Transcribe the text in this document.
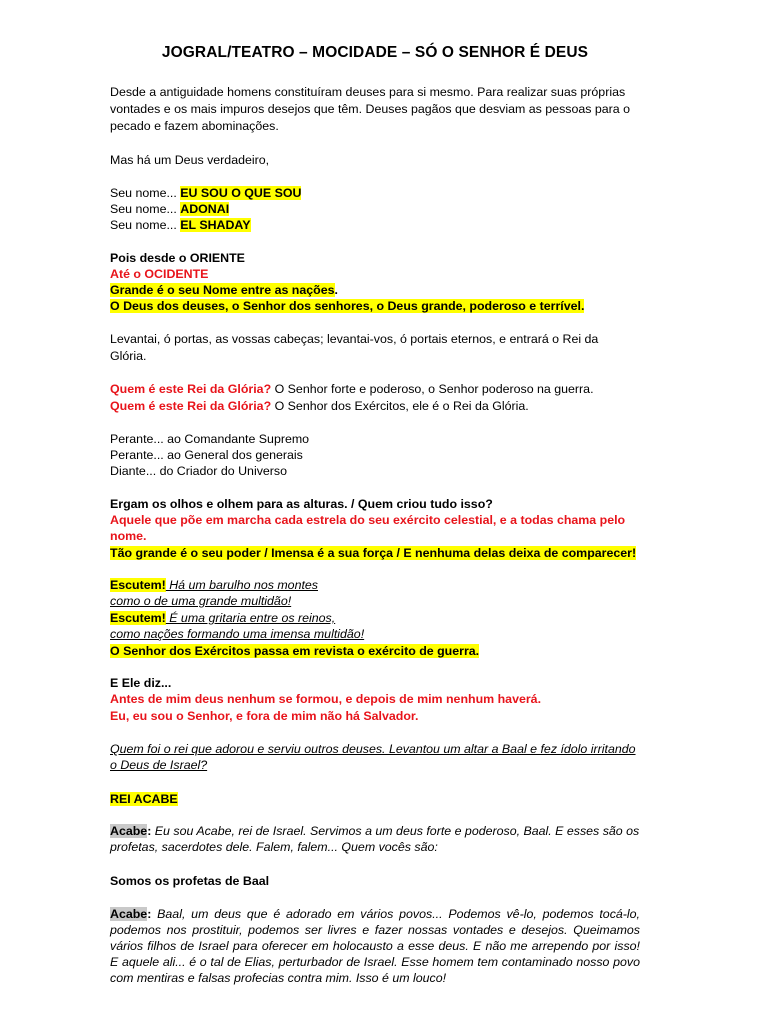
JOGRAL/TEATRO – MOCIDADE – SÓ O SENHOR É DEUS
Desde a antiguidade homens constituíram deuses para si mesmo. Para realizar suas próprias
vontades e os mais impuros desejos que têm. Deuses pagãos que desviam as pessoas para o
pecado e fazem abominações.
Mas há um Deus verdadeiro,
Seu nome... EU SOU O QUE SOU
Seu nome... ADONAI
Seu nome... EL SHADAY
Pois desde o ORIENTE
Até o OCIDENTE
Grande é o seu Nome entre as nações.
O Deus dos deuses, o Senhor dos senhores, o Deus grande, poderoso e terrível.
Levantai, ó portas, as vossas cabeças; levantai-vos, ó portais eternos, e entrará o Rei da
Glória.
Quem é este Rei da Glória? O Senhor forte e poderoso, o Senhor poderoso na guerra.
Quem é este Rei da Glória? O Senhor dos Exércitos, ele é o Rei da Glória.
Perante... ao Comandante Supremo
Perante... ao General dos generais
Diante... do Criador do Universo
Ergam os olhos e olhem para as alturas. / Quem criou tudo isso?
Aquele que põe em marcha cada estrela do seu exército celestial, e a todas chama pelo
nome.
Tão grande é o seu poder / Imensa é a sua força / E nenhuma delas deixa de comparecer!
Escutem! Há um barulho nos montes
como o de uma grande multidão!
Escutem! É uma gritaria entre os reinos,
como nações formando uma imensa multidão!
O Senhor dos Exércitos passa em revista o exército de guerra.
E Ele diz...
Antes de mim deus nenhum se formou, e depois de mim nenhum haverá.
Eu, eu sou o Senhor, e fora de mim não há Salvador.
Quem foi o rei que adorou e serviu outros deuses. Levantou um altar a Baal e fez ídolo irritando
o Deus de Israel?
REI ACABE
Acabe: Eu sou Acabe, rei de Israel. Servimos a um deus forte e poderoso, Baal. E esses são os
profetas, sacerdotes dele. Falem, falem... Quem vocês são:
Somos os profetas de Baal
Acabe: Baal, um deus que é adorado em vários povos... Podemos vê-lo, podemos tocá-lo,
podemos nos prostituir, podemos ser livres e fazer nossas vontades e desejos. Queimamos
vários filhos de Israel para oferecer em holocausto a esse deus. E não me arrependo por isso!
E aquele ali... é o tal de Elias, perturbador de Israel. Esse homem tem contaminado nosso povo
com mentiras e falsas profecias contra mim. Isso é um louco!
